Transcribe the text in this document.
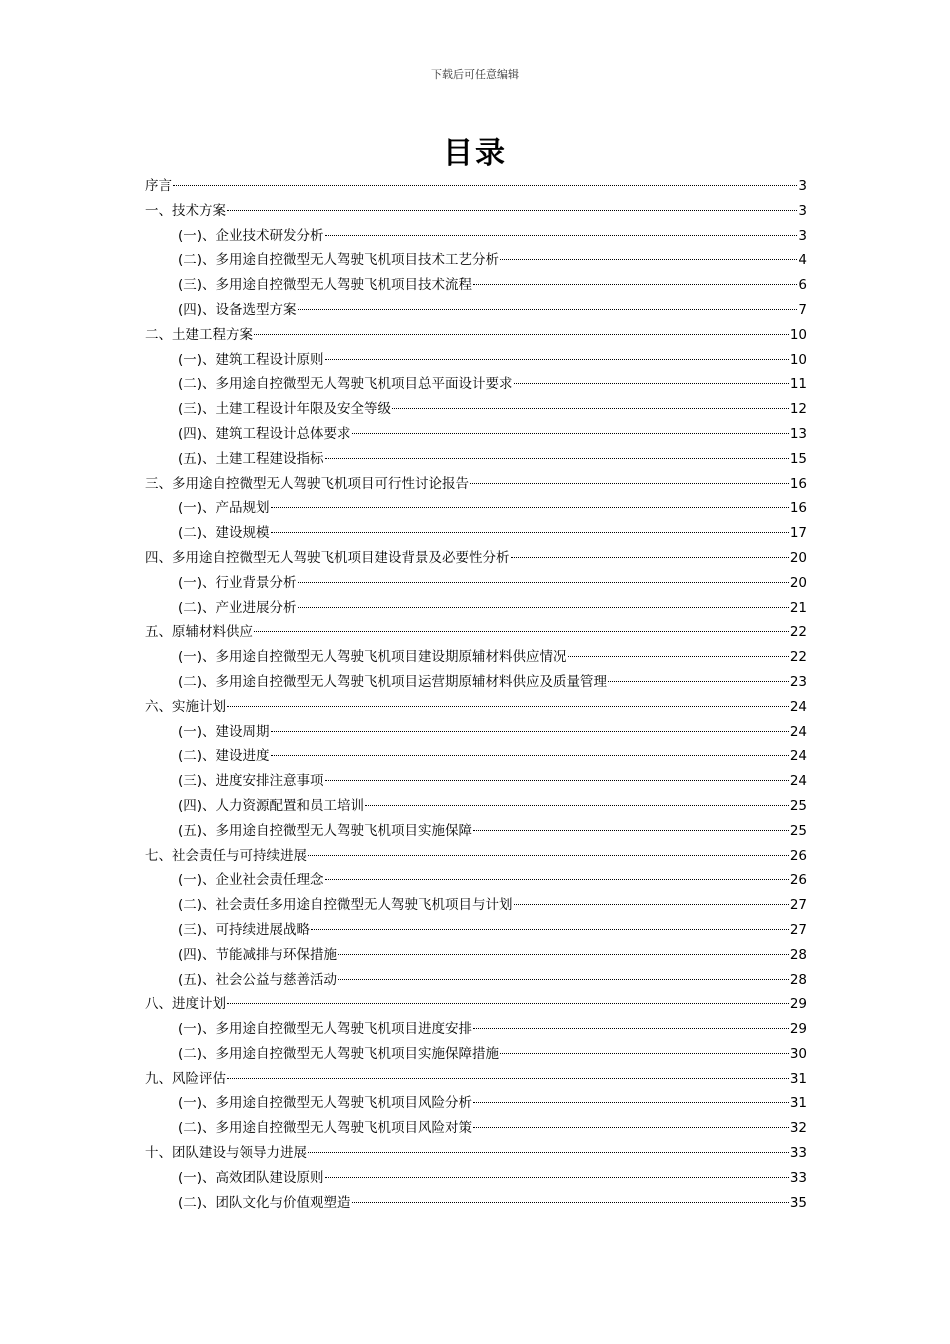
下载后可任意编辑
目录
序言	3
一、技术方案	3
(一)、企业技术研发分析	3
(二)、多用途自控微型无人驾驶飞机项目技术工艺分析	4
(三)、多用途自控微型无人驾驶飞机项目技术流程	6
(四)、设备选型方案	7
二、土建工程方案	10
(一)、建筑工程设计原则	10
(二)、多用途自控微型无人驾驶飞机项目总平面设计要求	11
(三)、土建工程设计年限及安全等级	12
(四)、建筑工程设计总体要求	13
(五)、土建工程建设指标	15
三、多用途自控微型无人驾驶飞机项目可行性讨论报告	16
(一)、产品规划	16
(二)、建设规模	17
四、多用途自控微型无人驾驶飞机项目建设背景及必要性分析	20
(一)、行业背景分析	20
(二)、产业进展分析	21
五、原辅材料供应	22
(一)、多用途自控微型无人驾驶飞机项目建设期原辅材料供应情况	22
(二)、多用途自控微型无人驾驶飞机项目运营期原辅材料供应及质量管理	23
六、实施计划	24
(一)、建设周期	24
(二)、建设进度	24
(三)、进度安排注意事项	24
(四)、人力资源配置和员工培训	25
(五)、多用途自控微型无人驾驶飞机项目实施保障	25
七、社会责任与可持续进展	26
(一)、企业社会责任理念	26
(二)、社会责任多用途自控微型无人驾驶飞机项目与计划	27
(三)、可持续进展战略	27
(四)、节能减排与环保措施	28
(五)、社会公益与慈善活动	28
八、进度计划	29
(一)、多用途自控微型无人驾驶飞机项目进度安排	29
(二)、多用途自控微型无人驾驶飞机项目实施保障措施	30
九、风险评估	31
(一)、多用途自控微型无人驾驶飞机项目风险分析	31
(二)、多用途自控微型无人驾驶飞机项目风险对策	32
十、团队建设与领导力进展	33
(一)、高效团队建设原则	33
(二)、团队文化与价值观塑造	35
